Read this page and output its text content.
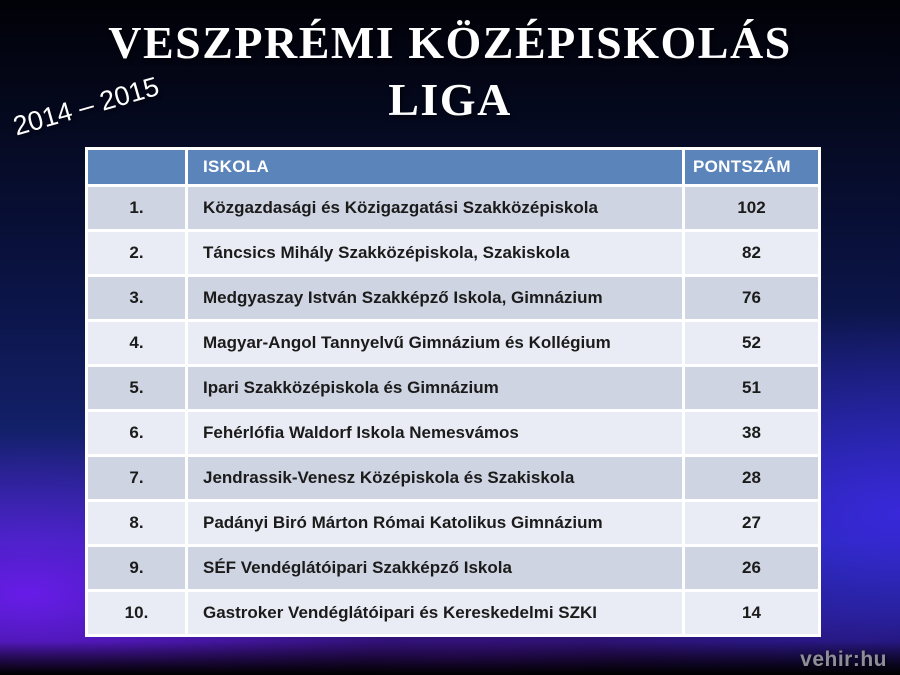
VESZPRÉMI KÖZÉPISKOLÁS
LIGA
2014 – 2015
	ISKOLA	PONTSZÁM
1.	Közgazdasági és Közigazgatási Szakközépiskola	102
2.	Táncsics Mihály Szakközépiskola, Szakiskola	82
3.	Medgyaszay István Szakképző Iskola, Gimnázium	76
4.	Magyar-Angol Tannyelvű Gimnázium és Kollégium	52
5.	Ipari Szakközépiskola és Gimnázium	51
6.	Fehérlófia Waldorf Iskola Nemesvámos	38
7.	Jendrassik-Venesz Középiskola és Szakiskola	28
8.	Padányi Biró Márton Római Katolikus Gimnázium	27
9.	SÉF Vendéglátóipari Szakképző Iskola	26
10.	Gastroker Vendéglátóipari és Kereskedelmi SZKI	14
vehir:hu
